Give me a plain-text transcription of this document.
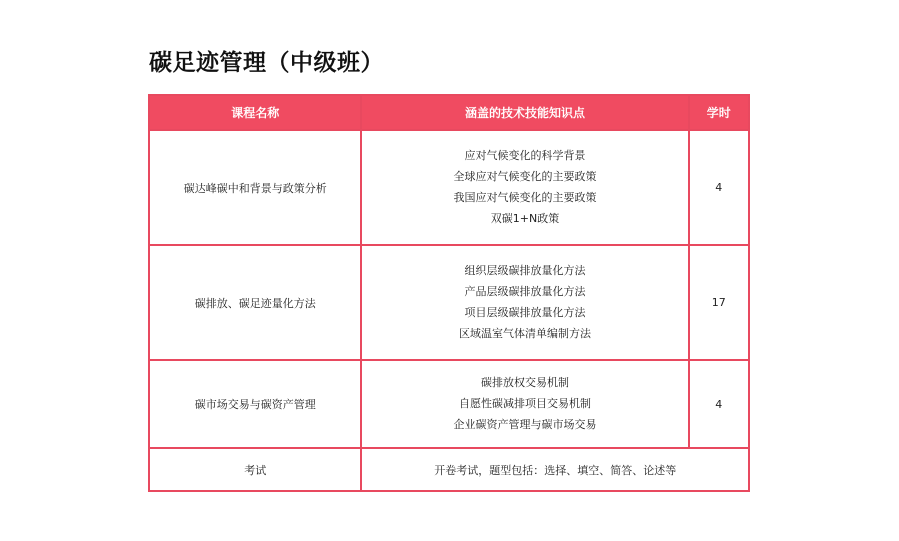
碳足迹管理（中级班）
课程名称	涵盖的技术技能知识点	学时
碳达峰碳中和背景与政策分析	应对气候变化的科学背景
全球应对气候变化的主要政策
我国应对气候变化的主要政策
双碳1+N政策	4
碳排放、碳足迹量化方法	组织层级碳排放量化方法
产品层级碳排放量化方法
项目层级碳排放量化方法
区域温室气体清单编制方法	17
碳市场交易与碳资产管理	碳排放权交易机制
自愿性碳减排项目交易机制
企业碳资产管理与碳市场交易	4
考试	开卷考试，题型包括：选择、填空、简答、论述等	
